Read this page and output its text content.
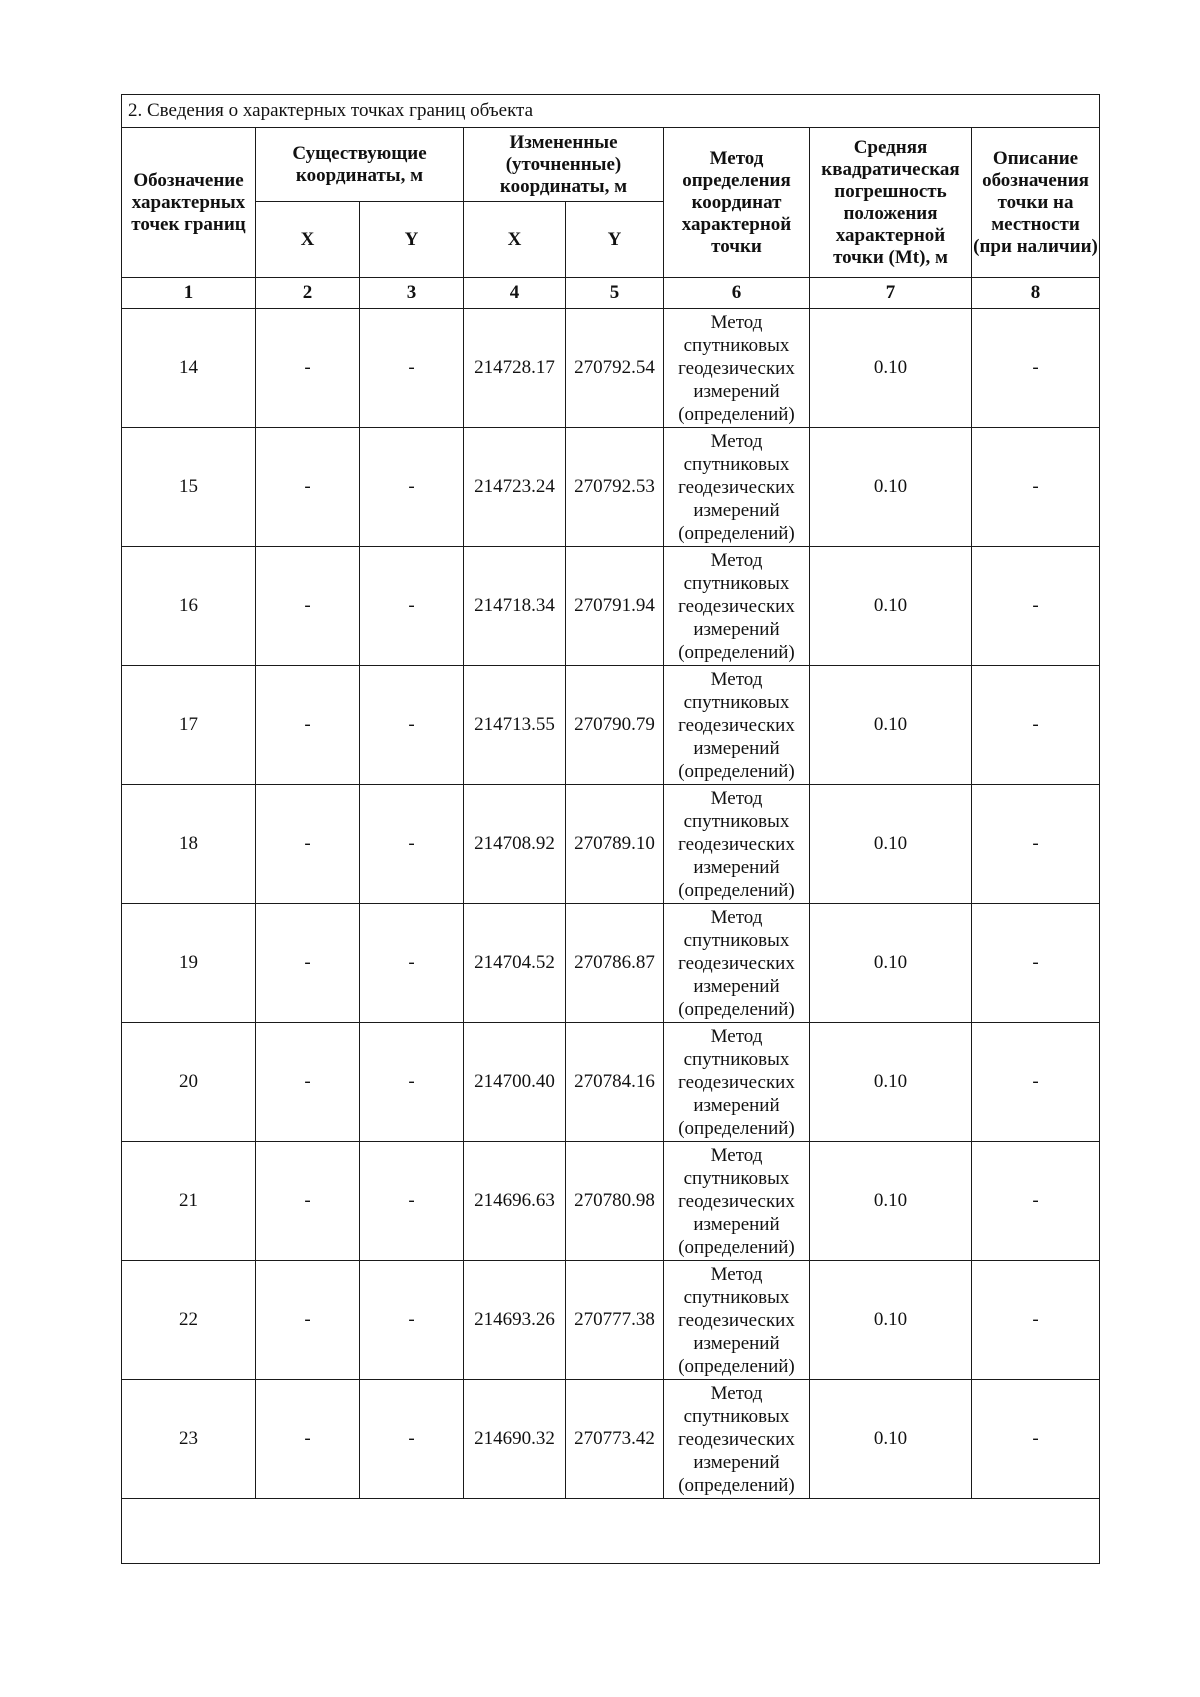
2. Сведения о характерных точках границ объекта							
Обозначение характерных точек границ	Существующие координаты, м		Измененные (уточненные) координаты, м		Метод определения координат характерной точки	Средняя квадратическая погрешность положения характерной точки (Mt), м	Описание обозначения точки на местности (при наличии)
	X	Y	X	Y			
1	2	3	4	5	6	7	8
14	-	-	214728.17	270792.54	Метод спутниковых геодезических измерений (определений)	0.10	-
15	-	-	214723.24	270792.53	Метод спутниковых геодезических измерений (определений)	0.10	-
16	-	-	214718.34	270791.94	Метод спутниковых геодезических измерений (определений)	0.10	-
17	-	-	214713.55	270790.79	Метод спутниковых геодезических измерений (определений)	0.10	-
18	-	-	214708.92	270789.10	Метод спутниковых геодезических измерений (определений)	0.10	-
19	-	-	214704.52	270786.87	Метод спутниковых геодезических измерений (определений)	0.10	-
20	-	-	214700.40	270784.16	Метод спутниковых геодезических измерений (определений)	0.10	-
21	-	-	214696.63	270780.98	Метод спутниковых геодезических измерений (определений)	0.10	-
22	-	-	214693.26	270777.38	Метод спутниковых геодезических измерений (определений)	0.10	-
23	-	-	214690.32	270773.42	Метод спутниковых геодезических измерений (определений)	0.10	-
